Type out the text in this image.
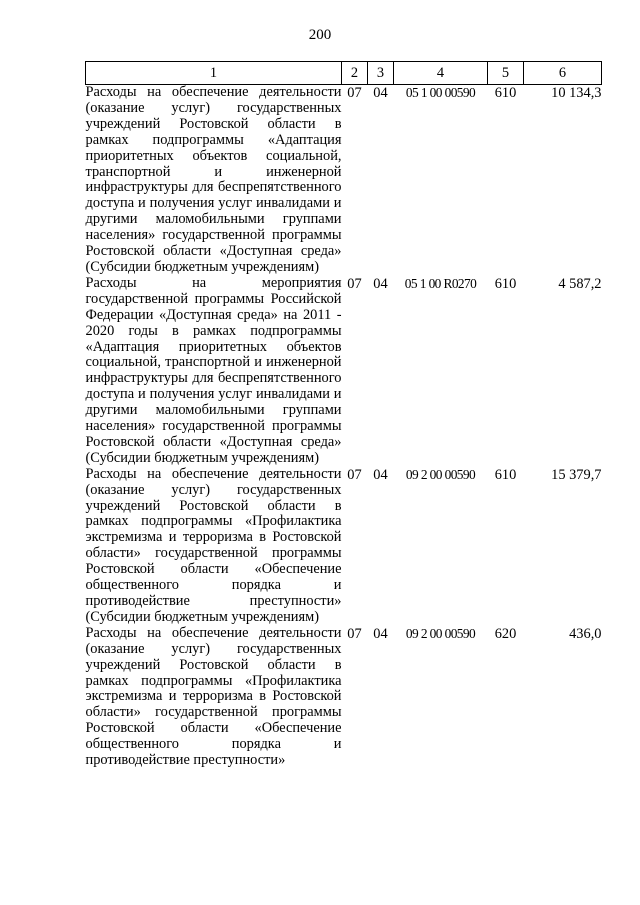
200
1	2	3	4	5	6
Расходы на обеспечение деятельности (оказание услуг) государственных учреждений Ростовской области в рамках подпрограммы «Адаптация приоритетных объектов социальной, транспортной и инженерной инфраструктуры для беспрепятственного доступа и получения услуг инвалидами и другими маломобильными группами населения» государственной программы Ростовской области «Доступная среда» (Субсидии бюджетным учреждениям)	07	04	05 1 00 00590	610	10 134,3
Расходы на мероприятия государственной программы Российской Федерации «Доступная среда» на 2011 - 2020 годы в рамках подпрограммы «Адаптация приоритетных объектов социальной, транспортной и инженерной инфраструктуры для беспрепятственного доступа и получения услуг инвалидами и другими маломобильными группами населения» государственной программы Ростовской области «Доступная среда» (Субсидии бюджетным учреждениям)	07	04	05 1 00 R0270	610	4 587,2
Расходы на обеспечение деятельности (оказание услуг) государственных учреждений Ростовской области в рамках подпрограммы «Профилактика экстремизма и терроризма в Ростовской области» государственной программы Ростовской области «Обеспечение общественного порядка и противодействие преступности» (Субсидии бюджетным учреждениям)	07	04	09 2 00 00590	610	15 379,7
Расходы на обеспечение деятельности (оказание услуг) государственных учреждений Ростовской области в рамках подпрограммы «Профилактика экстремизма и терроризма в Ростовской области» государственной программы Ростовской области «Обеспечение общественного порядка и противодействие преступности»	07	04	09 2 00 00590	620	436,0
